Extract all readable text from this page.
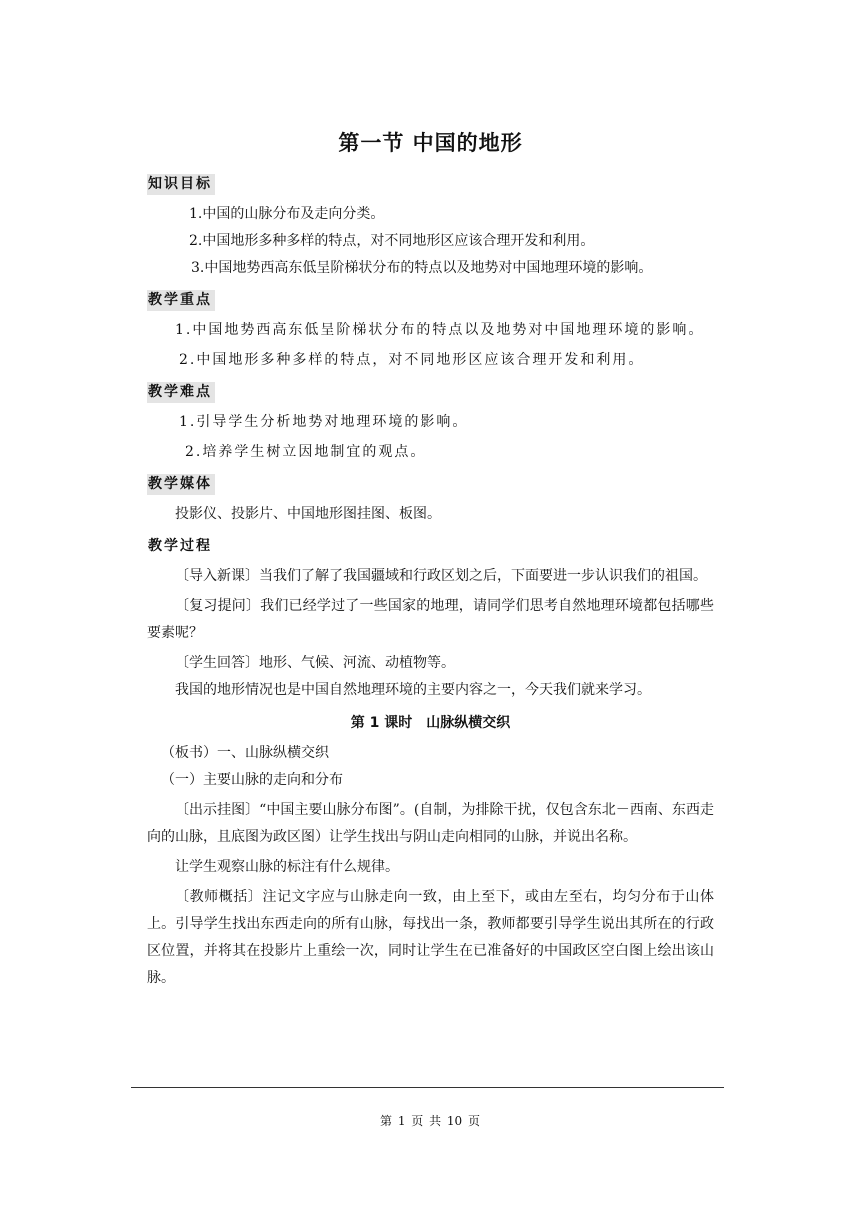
第一节 中国的地形
知识目标

1.中国的山脉分布及走向分类。

2.中国地形多种多样的特点，对不同地形区应该合理开发和利用。

3.中国地势西高东低呈阶梯状分布的特点以及地势对中国地理环境的影响。

教学重点

1.中国地势西高东低呈阶梯状分布的特点以及地势对中国地理环境的影响。

2.中国地形多种多样的特点，对不同地形区应该合理开发和利用。

教学难点

1.引导学生分析地势对地理环境的影响。

2.培养学生树立因地制宜的观点。

教学媒体

投影仪、投影片、中国地形图挂图、板图。

教学过程

〔导入新课〕当我们了解了我国疆域和行政区划之后，下面要进一步认识我们的祖国。

〔复习提问〕我们已经学过了一些国家的地理，请同学们思考自然地理环境都包括哪些要素呢？

〔学生回答〕地形、气候、河流、动植物等。

我国的地形情况也是中国自然地理环境的主要内容之一，今天我们就来学习。

第 1 课时　山脉纵横交织

（板书）一、山脉纵横交织

（一）主要山脉的走向和分布

〔出示挂图〕“中国主要山脉分布图”。(自制，为排除干扰，仅包含东北－西南、东西走向的山脉，且底图为政区图）让学生找出与阴山走向相同的山脉，并说出名称。

让学生观察山脉的标注有什么规律。

〔教师概括〕注记文字应与山脉走向一致，由上至下，或由左至右，均匀分布于山体上。引导学生找出东西走向的所有山脉，每找出一条，教师都要引导学生说出其所在的行政区位置，并将其在投影片上重绘一次，同时让学生在已准备好的中国政区空白图上绘出该山脉。

第 1 页 共 10 页
